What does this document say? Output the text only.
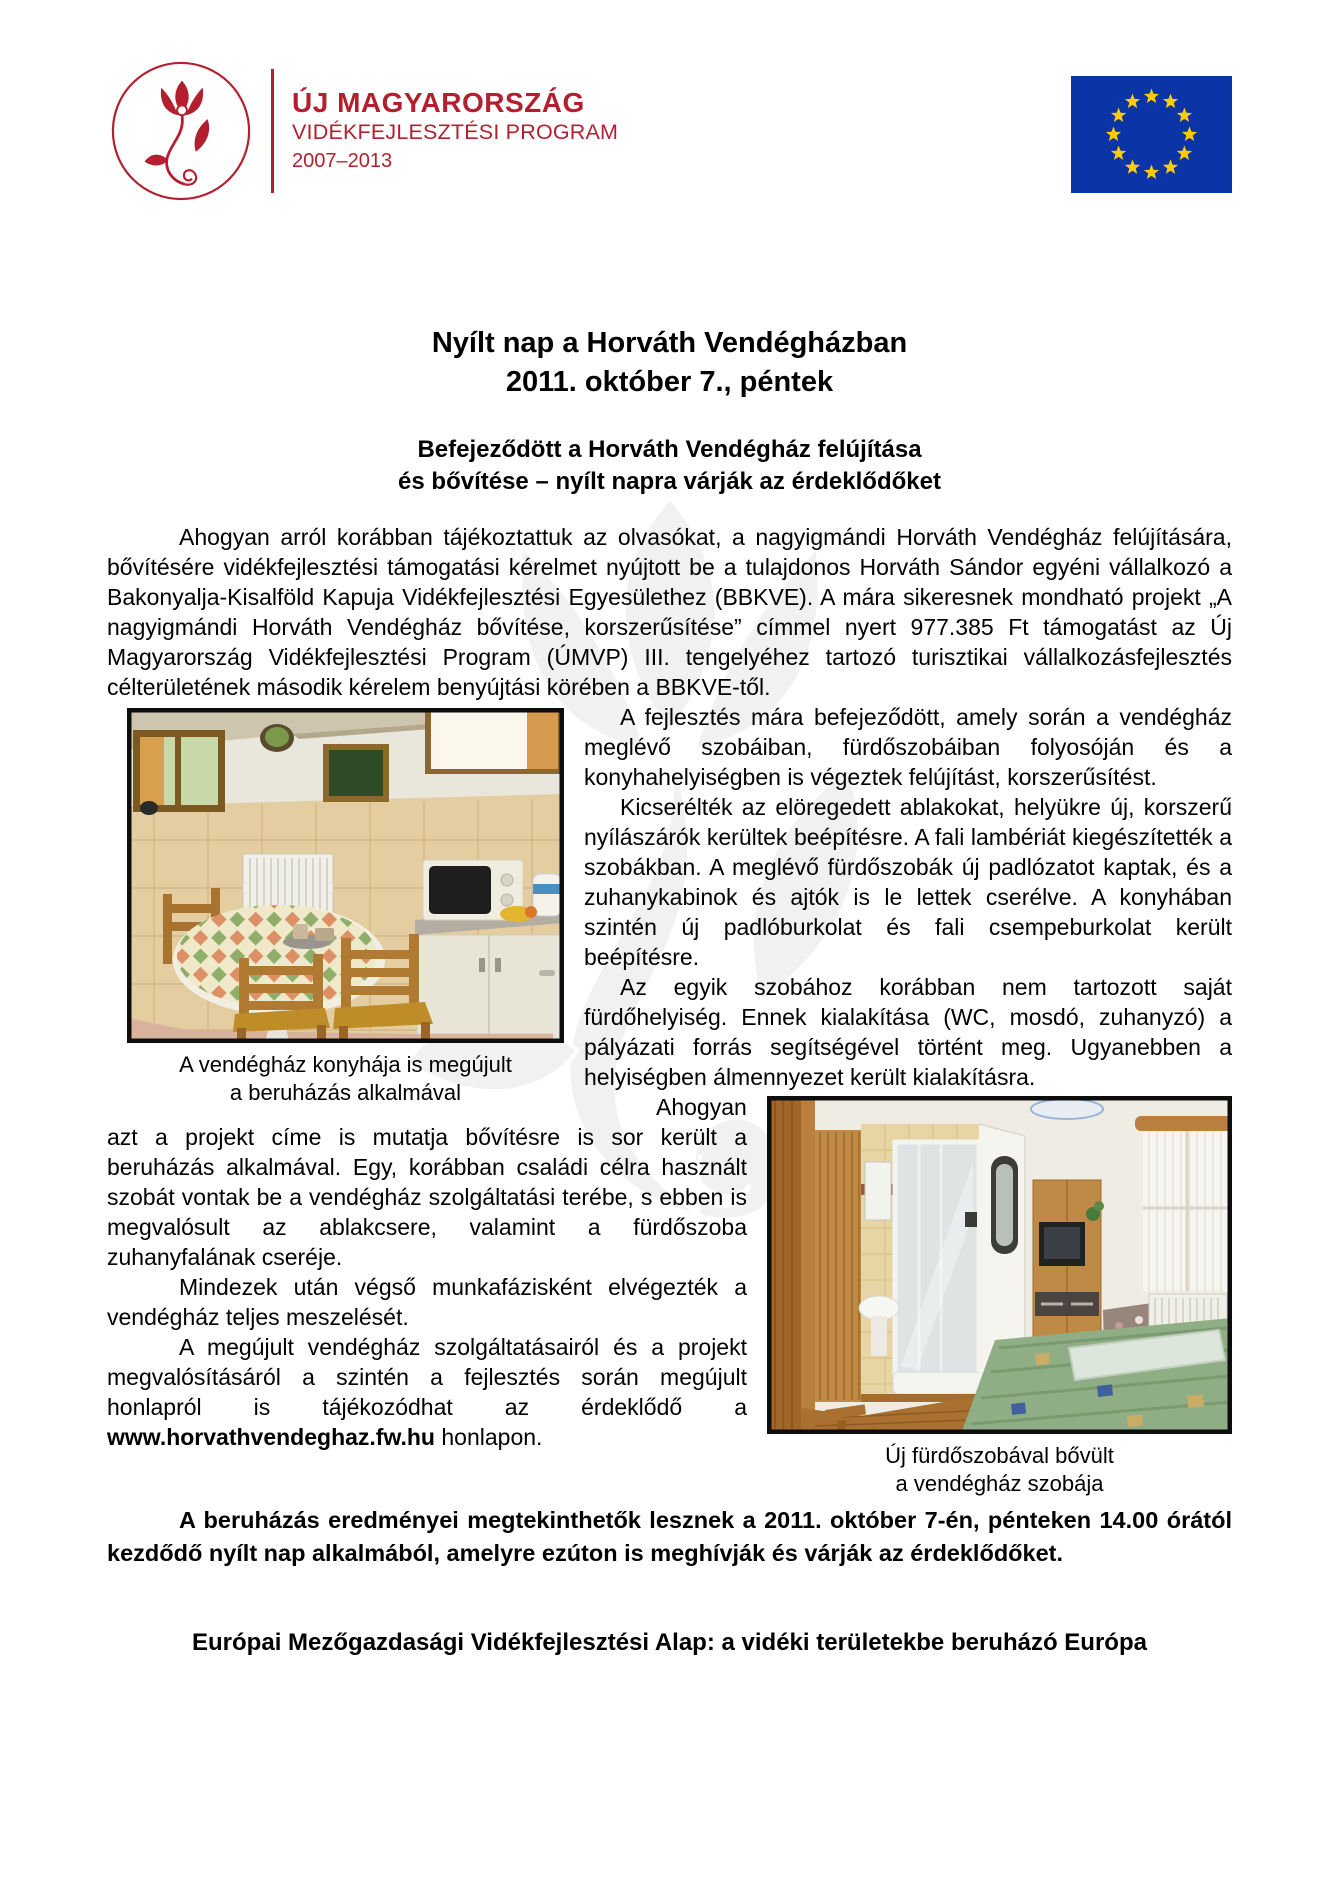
ÚJ MAGYARORSZÁG
VIDÉKFEJLESZTÉSI PROGRAM
2007–2013
Nyílt nap a Horváth Vendégházban
2011. október 7., péntek
Befejeződött a Horváth Vendégház felújítása
és bővítése – nyílt napra várják az érdeklődőket

Ahogyan arról korábban tájékoztattuk az olvasókat, a nagyigmándi Horváth Vendégház felújítására, bővítésére vidékfejlesztési támogatási kérelmet nyújtott be a tulajdonos Horváth Sándor egyéni vállalkozó a Bakonyalja-Kisalföld Kapuja Vidékfejlesztési Egyesülethez (BBKVE). A mára sikeresnek mondható projekt „A nagyigmándi Horváth Vendégház bővítése, korszerűsítése” címmel nyert 977.385 Ft támogatást az Új Magyarország Vidékfejlesztési Program (ÚMVP) III. tengelyéhez tartozó turisztikai vállalkozásfejlesztés célterületének második kérelem benyújtási körében a BBKVE-től.

A vendégház konyhája is megújult
a beruházás alkalmával

A fejlesztés mára befejeződött, amely során a vendégház meglévő szobáiban, fürdőszobáiban folyosóján és a konyhahelyiségben is végeztek felújítást, korszerűsítést.

Kicserélték az elöregedett ablakokat, helyükre új, korszerű nyílászárók kerültek beépítésre. A fali lambériát kiegészítették a szobákban. A meglévő fürdőszobák új padlózatot kaptak, és a zuhanykabinok és ajtók is le lettek cserélve. A konyhában szintén új padlóburkolat és fali csempeburkolat került beépítésre.

Az egyik szobához korábban nem tartozott saját fürdőhelyiség. Ennek kialakítása (WC, mosdó, zuhanyzó) a pályázati forrás segítségével történt meg. Ugyanebben a helyiségben álmennyezet került kialakításra.

Új fürdőszobával bővült
a vendégház szobája

Ahogyan azt a projekt címe is mutatja bővítésre is sor került a beruházás alkalmával. Egy, korábban családi célra használt szobát vontak be a vendégház szolgáltatási terébe, s ebben is megvalósult az ablakcsere, valamint a fürdőszoba zuhanyfalának cseréje.

Mindezek után végső munkafázisként elvégezték a vendégház teljes meszelését.

A megújult vendégház szolgáltatásairól és a projekt megvalósításáról a szintén a fejlesztés során megújult honlapról is tájékozódhat az érdeklődő a www.horvathvendeghaz.fw.hu honlapon.

A beruházás eredményei megtekinthetők lesznek a 2011. október 7-én, pénteken 14.00 órától kezdődő nyílt nap alkalmából, amelyre ezúton is meghívják és várják az érdeklődőket.

Európai Mezőgazdasági Vidékfejlesztési Alap: a vidéki területekbe beruházó Európa
